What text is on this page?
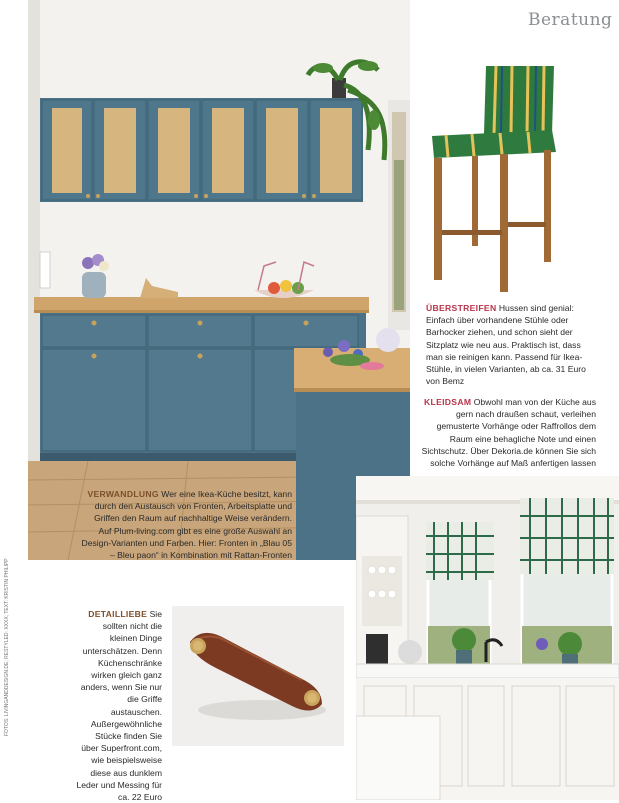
Beratung
ÜBERSTREIFEN Hussen sind genial: Einfach über vorhandene Stühle oder Barhocker ziehen, und schon sieht der Sitzplatz wie neu aus. Praktisch ist, dass man sie reinigen kann. Passend für Ikea-Stühle, in vielen Varianten, ab ca. 31 Euro von Bemz
KLEIDSAM Obwohl man von der Küche aus gern nach draußen schaut, verleihen gemusterte Vorhänge oder Raffrollos dem Raum eine behagliche Note und einen Sichtschutz. Über Dekoria.de können Sie sich solche Vorhänge auf Maß anfertigen lassen
VERWANDLUNG Wer eine Ikea-Küche besitzt, kann durch den Austausch von Fronten, Arbeitsplatte und Griffen den Raum auf nachhaltige Weise verändern. Auf Plum-living.com gibt es eine große Auswahl an Design-Varianten und Farben. Hier: Fronten in „Blau 05 – Bleu paon“ in Kombination mit Rattan-Fronten
DETAILLIEBE Sie sollten nicht die kleinen Dinge unterschätzen. Denn Küchenschränke wirken gleich ganz anders, wenn Sie nur die Griffe austauschen. Außergewöhnliche Stücke finden Sie über Superfront.com, wie beispielsweise diese aus dunklem Leder und Messing für ca. 22 Euro
FOTOS: LIVINGANDDESIGN.DE; RESTYLED: XXXX; TEXT: KRISTIN PHILIPP
